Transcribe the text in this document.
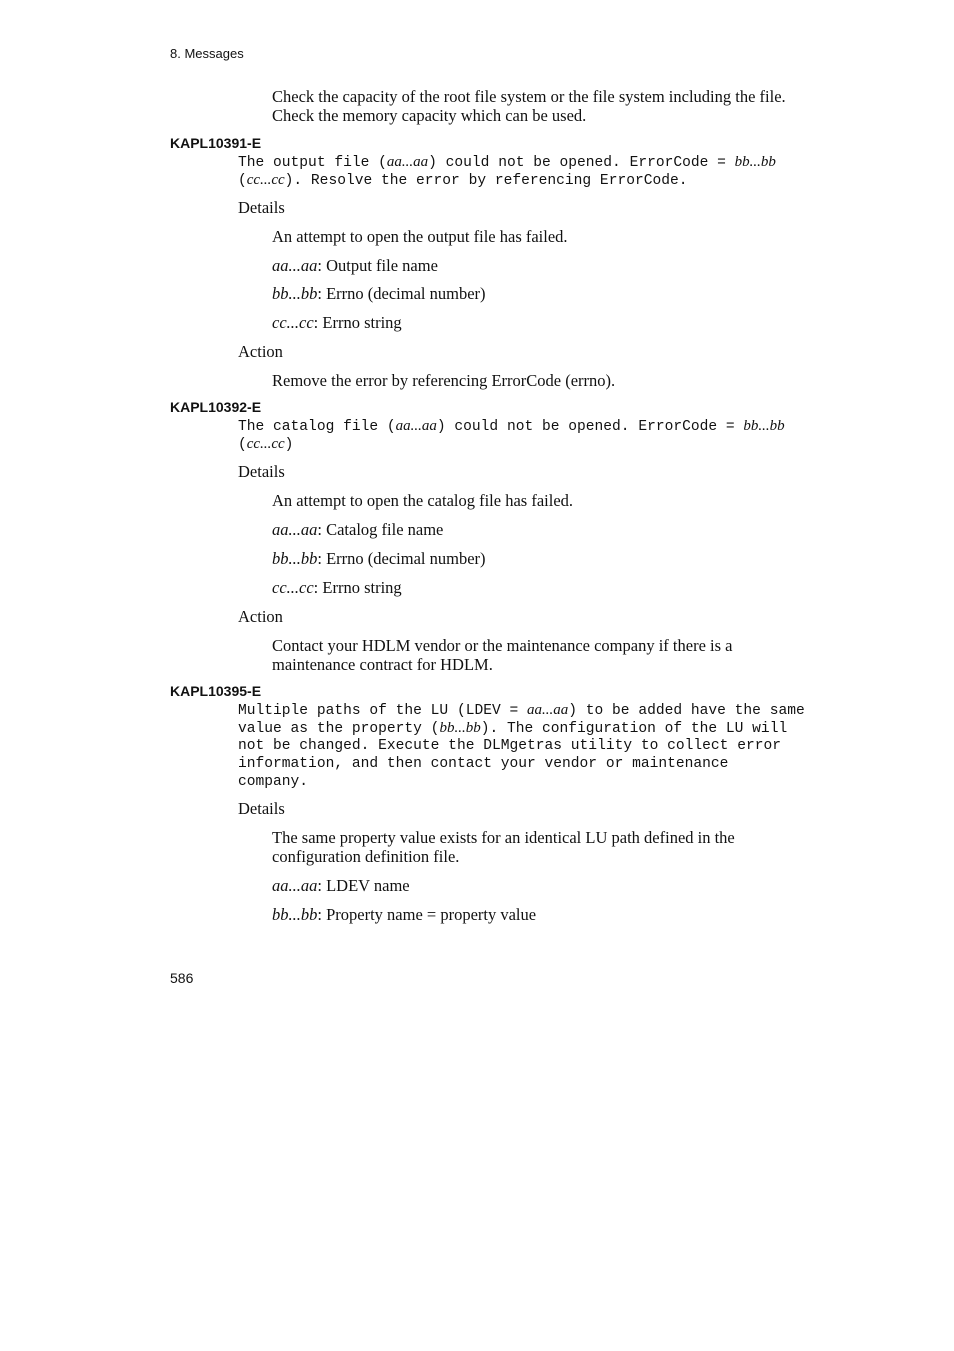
8. Messages
Check the capacity of the root file system or the file system including the file.
Check the memory capacity which can be used.
KAPL10391-E
The output file (aa...aa) could not be opened. ErrorCode = bb...bb
(cc...cc). Resolve the error by referencing ErrorCode.
Details
An attempt to open the output file has failed.
aa...aa: Output file name
bb...bb: Errno (decimal number)
cc...cc: Errno string
Action
Remove the error by referencing ErrorCode (errno).
KAPL10392-E
The catalog file (aa...aa) could not be opened. ErrorCode = bb...bb
(cc...cc)
Details
An attempt to open the catalog file has failed.
aa...aa: Catalog file name
bb...bb: Errno (decimal number)
cc...cc: Errno string
Action
Contact your HDLM vendor or the maintenance company if there is a
maintenance contract for HDLM.
KAPL10395-E
Multiple paths of the LU (LDEV = aa...aa) to be added have the same
value as the property (bb...bb). The configuration of the LU will
not be changed. Execute the DLMgetras utility to collect error
information, and then contact your vendor or maintenance
company.
Details
The same property value exists for an identical LU path defined in the
configuration definition file.
aa...aa: LDEV name
bb...bb: Property name = property value
586
